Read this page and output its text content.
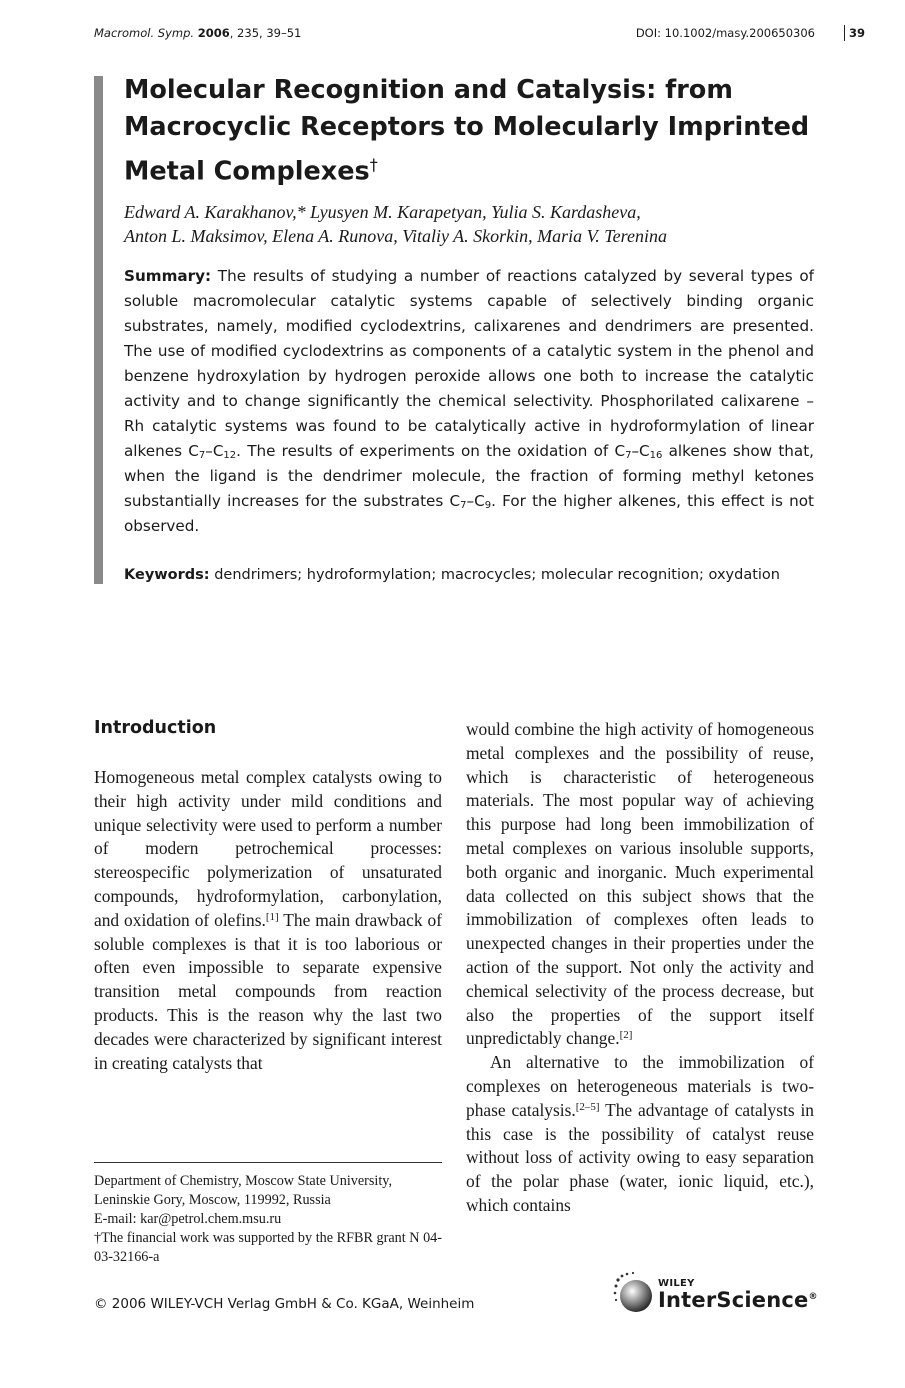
Macromol. Symp. 2006, 235, 39–51	DOI: 10.1002/masy.200650306	39
Molecular Recognition and Catalysis: from Macrocyclic Receptors to Molecularly Imprinted Metal Complexes†
Edward A. Karakhanov,* Lyusyen M. Karapetyan, Yulia S. Kardasheva,
Anton L. Maksimov, Elena A. Runova, Vitaliy A. Skorkin, Maria V. Terenina
Summary: The results of studying a number of reactions catalyzed by several types of soluble macromolecular catalytic systems capable of selectively binding organic substrates, namely, modified cyclodextrins, calixarenes and dendrimers are presented. The use of modified cyclodextrins as components of a catalytic system in the phenol and benzene hydroxylation by hydrogen peroxide allows one both to increase the catalytic activity and to change significantly the chemical selectivity. Phosphorilated calixarene – Rh catalytic systems was found to be catalytically active in hydroformylation of linear alkenes $C_7-C_{12}$. The results of experiments on the oxidation of $C_7-C_{16}$ alkenes show that, when the ligand is the dendrimer molecule, the fraction of forming methyl ketones substantially increases for the substrates $C_7-C_9$. For the higher alkenes, this effect is not observed.
Keywords: dendrimers; hydroformylation; macrocycles; molecular recognition; oxydation
Introduction

Homogeneous metal complex catalysts owing to their high activity under mild conditions and unique selectivity were used to perform a number of modern petrochemical processes: stereospecific polymerization of unsaturated compounds, hydroformylation, carbonylation, and oxidation of olefins.[1] The main drawback of soluble complexes is that it is too laborious or often even impossible to separate expensive transition metal compounds from reaction products. This is the reason why the last two decades were characterized by significant interest in creating catalysts that

would combine the high activity of homogeneous metal complexes and the possibility of reuse, which is characteristic of heterogeneous materials. The most popular way of achieving this purpose had long been immobilization of metal complexes on various insoluble supports, both organic and inorganic. Much experimental data collected on this subject shows that the immobilization of complexes often leads to unexpected changes in their properties under the action of the support. Not only the activity and chemical selectivity of the process decrease, but also the properties of the support itself unpredictably change.[2]

An alternative to the immobilization of complexes on heterogeneous materials is two-phase catalysis.[2–5] The advantage of catalysts in this case is the possibility of catalyst reuse without loss of activity owing to easy separation of the polar phase (water, ionic liquid, etc.), which contains

Department of Chemistry, Moscow State University,
Leninskie Gory, Moscow, 119992, Russia
E-mail: kar@petrol.chem.msu.ru
†The financial work was supported by the RFBR grant N 04-03-32166-a
© 2006 WILEY-VCH Verlag GmbH & Co. KGaA, Weinheim
WILEY
InterScience®
